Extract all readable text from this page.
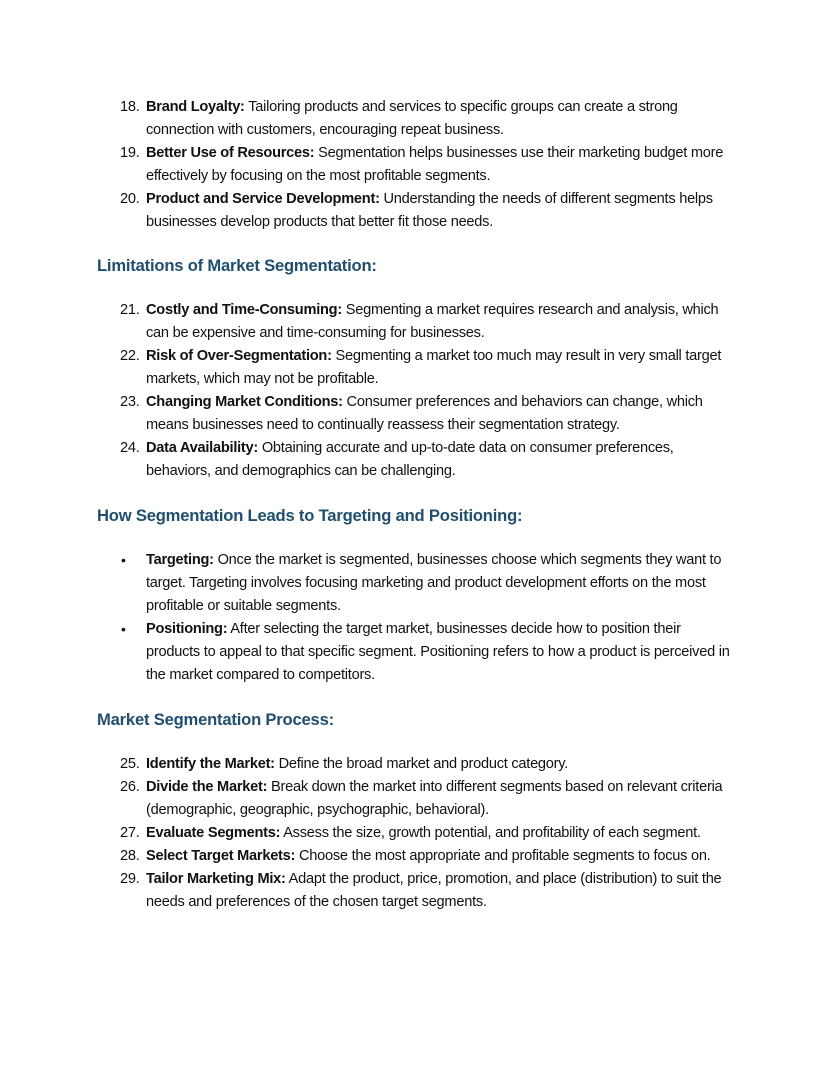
18. Brand Loyalty: Tailoring products and services to specific groups can create a strong connection with customers, encouraging repeat business.
19. Better Use of Resources: Segmentation helps businesses use their marketing budget more effectively by focusing on the most profitable segments.
20. Product and Service Development: Understanding the needs of different segments helps businesses develop products that better fit those needs.
Limitations of Market Segmentation:
21. Costly and Time-Consuming: Segmenting a market requires research and analysis, which can be expensive and time-consuming for businesses.
22. Risk of Over-Segmentation: Segmenting a market too much may result in very small target markets, which may not be profitable.
23. Changing Market Conditions: Consumer preferences and behaviors can change, which means businesses need to continually reassess their segmentation strategy.
24. Data Availability: Obtaining accurate and up-to-date data on consumer preferences, behaviors, and demographics can be challenging.
How Segmentation Leads to Targeting and Positioning:
• Targeting: Once the market is segmented, businesses choose which segments they want to target. Targeting involves focusing marketing and product development efforts on the most profitable or suitable segments.
• Positioning: After selecting the target market, businesses decide how to position their products to appeal to that specific segment. Positioning refers to how a product is perceived in the market compared to competitors.
Market Segmentation Process:
25. Identify the Market: Define the broad market and product category.
26. Divide the Market: Break down the market into different segments based on relevant criteria (demographic, geographic, psychographic, behavioral).
27. Evaluate Segments: Assess the size, growth potential, and profitability of each segment.
28. Select Target Markets: Choose the most appropriate and profitable segments to focus on.
29. Tailor Marketing Mix: Adapt the product, price, promotion, and place (distribution) to suit the needs and preferences of the chosen target segments.
